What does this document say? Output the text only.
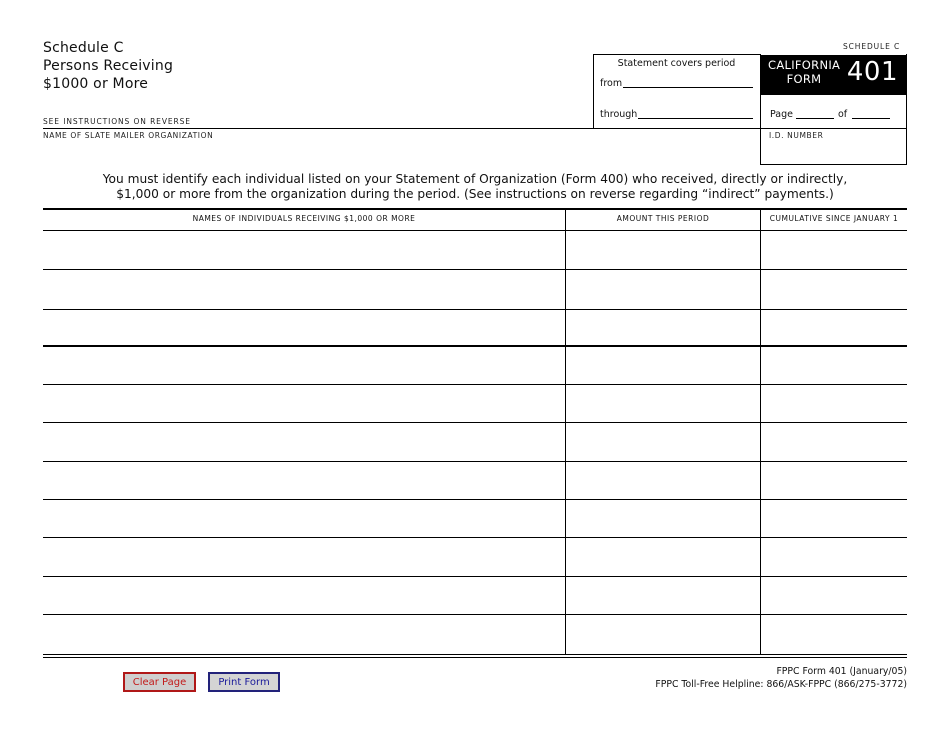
Schedule C
Persons Receiving
$1000 or More
SCHEDULE C
SEE INSTRUCTIONS ON REVERSE
Statement covers period
from
through
CALIFORNIA
FORM 401
Page	of
NAME OF SLATE MAILER ORGANIZATION	I.D. NUMBER
You must identify each individual listed on your Statement of Organization (Form 400) who received, directly or indirectly,
$1,000 or more from the organization during the period. (See instructions on reverse regarding “indirect” payments.)
NAMES OF INDIVIDUALS RECEIVING $1,000 OR MORE	AMOUNT THIS PERIOD	CUMULATIVE SINCE JANUARY 1
Clear Page	Print Form
FPPC Form 401 (January/05)
FPPC Toll-Free Helpline: 866/ASK-FPPC (866/275-3772)
